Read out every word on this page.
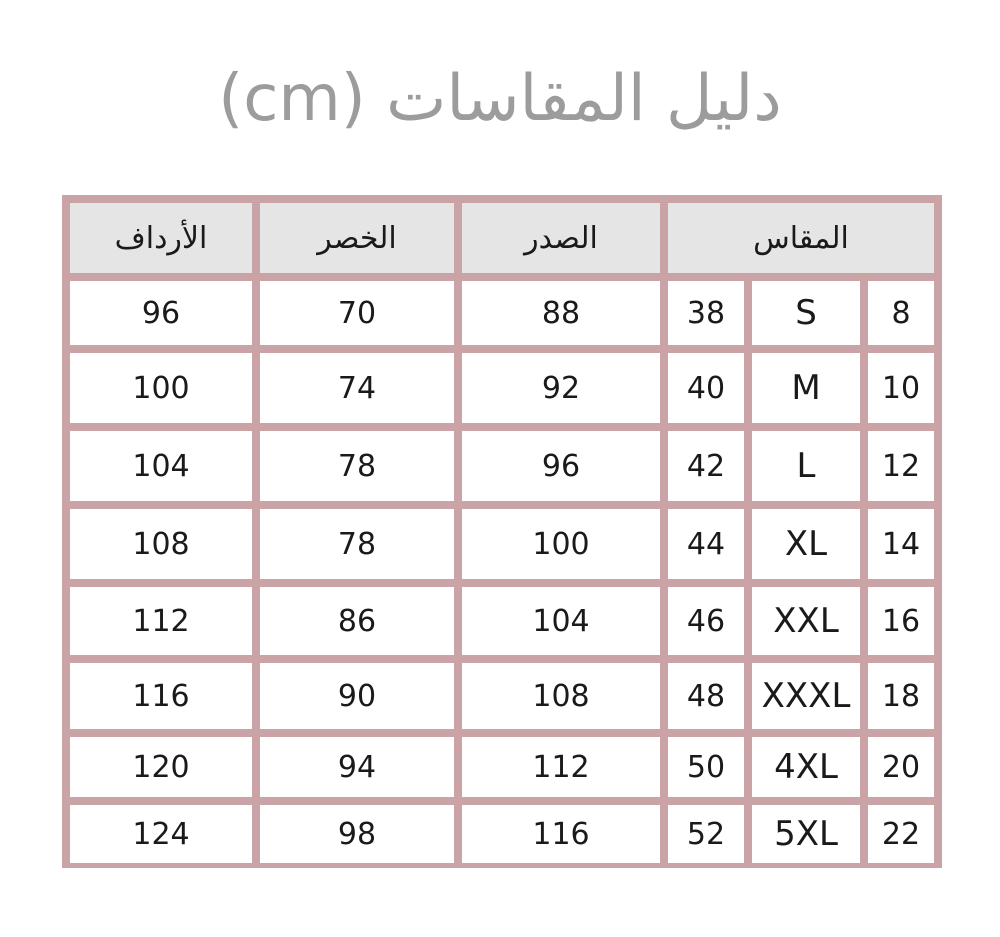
دليل المقاسات (cm)
الأرداف	الخصر	الصدر	المقاس
96	70	88	38	S	8
100	74	92	40	M	10
104	78	96	42	L	12
108	78	100	44	XL	14
112	86	104	46	XXL	16
116	90	108	48	XXXL	18
120	94	112	50	4XL	20
124	98	116	52	5XL	22
